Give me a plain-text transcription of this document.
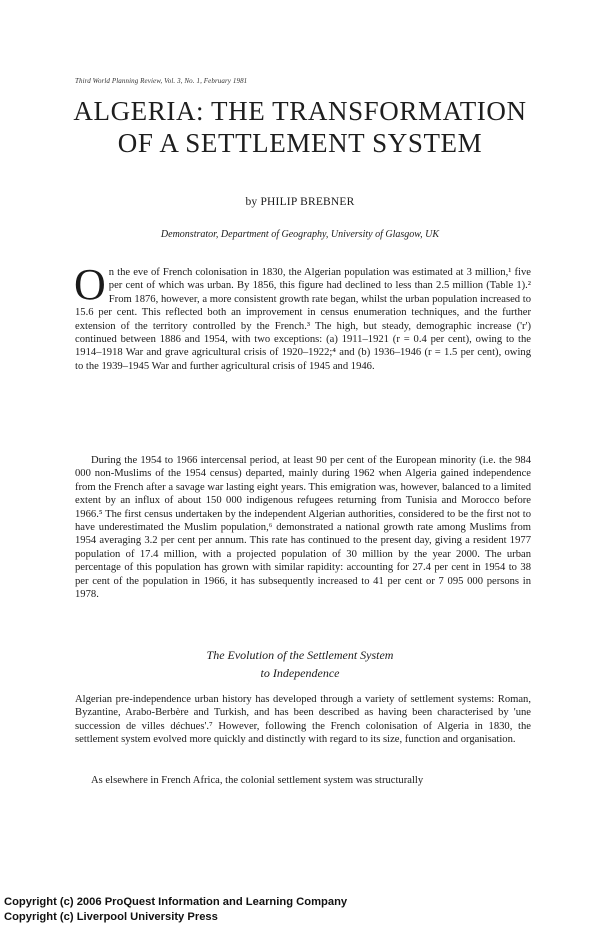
Third World Planning Review, Vol. 3, No. 1, February 1981
ALGERIA: THE TRANSFORMATION
OF A SETTLEMENT SYSTEM
by PHILIP BREBNER
Demonstrator, Department of Geography, University of Glasgow, UK

On the eve of French colonisation in 1830, the Algerian population was estimated at 3 million,¹ five per cent of which was urban. By 1856, this figure had declined to less than 2.5 million (Table 1).² From 1876, however, a more consistent growth rate began, whilst the urban population increased to 15.6 per cent. This reflected both an improvement in census enumeration techniques, and the further extension of the territory controlled by the French.³ The high, but steady, demographic increase ('r') continued between 1886 and 1954, with two exceptions: (a) 1911–1921 (r = 0.4 per cent), owing to the 1914–1918 War and grave agricultural crisis of 1920–1922;⁴ and (b) 1936–1946 (r = 1.5 per cent), owing to the 1939–1945 War and further agricultural crisis of 1945 and 1946.

During the 1954 to 1966 intercensal period, at least 90 per cent of the European minority (i.e. the 984 000 non-Muslims of the 1954 census) departed, mainly during 1962 when Algeria gained independence from the French after a savage war lasting eight years. This emigration was, however, balanced to a limited extent by an influx of about 150 000 indigenous refugees returning from Tunisia and Morocco before 1966.⁵ The first census undertaken by the independent Algerian authorities, considered to be the first not to have underestimated the Muslim population,⁶ demonstrated a national growth rate among Muslims from 1954 averaging 3.2 per cent per annum. This rate has continued to the present day, giving a resident 1977 population of 17.4 million, with a projected population of 30 million by the year 2000. The urban percentage of this population has grown with similar rapidity: accounting for 27.4 per cent in 1954 to 38 per cent of the population in 1966, it has subsequently increased to 41 per cent or 7 095 000 persons in 1978.

The Evolution of the Settlement System
to Independence

Algerian pre-independence urban history has developed through a variety of settlement systems: Roman, Byzantine, Arabo-Berbère and Turkish, and has been described as having been characterised by 'une succession de villes déchues'.⁷ However, following the French colonisation of Algeria in 1830, the settlement system evolved more quickly and distinctly with regard to its size, function and organisation.

As elsewhere in French Africa, the colonial settlement system was structurally

Copyright (c) 2006 ProQuest Information and Learning Company
Copyright (c) Liverpool University Press
